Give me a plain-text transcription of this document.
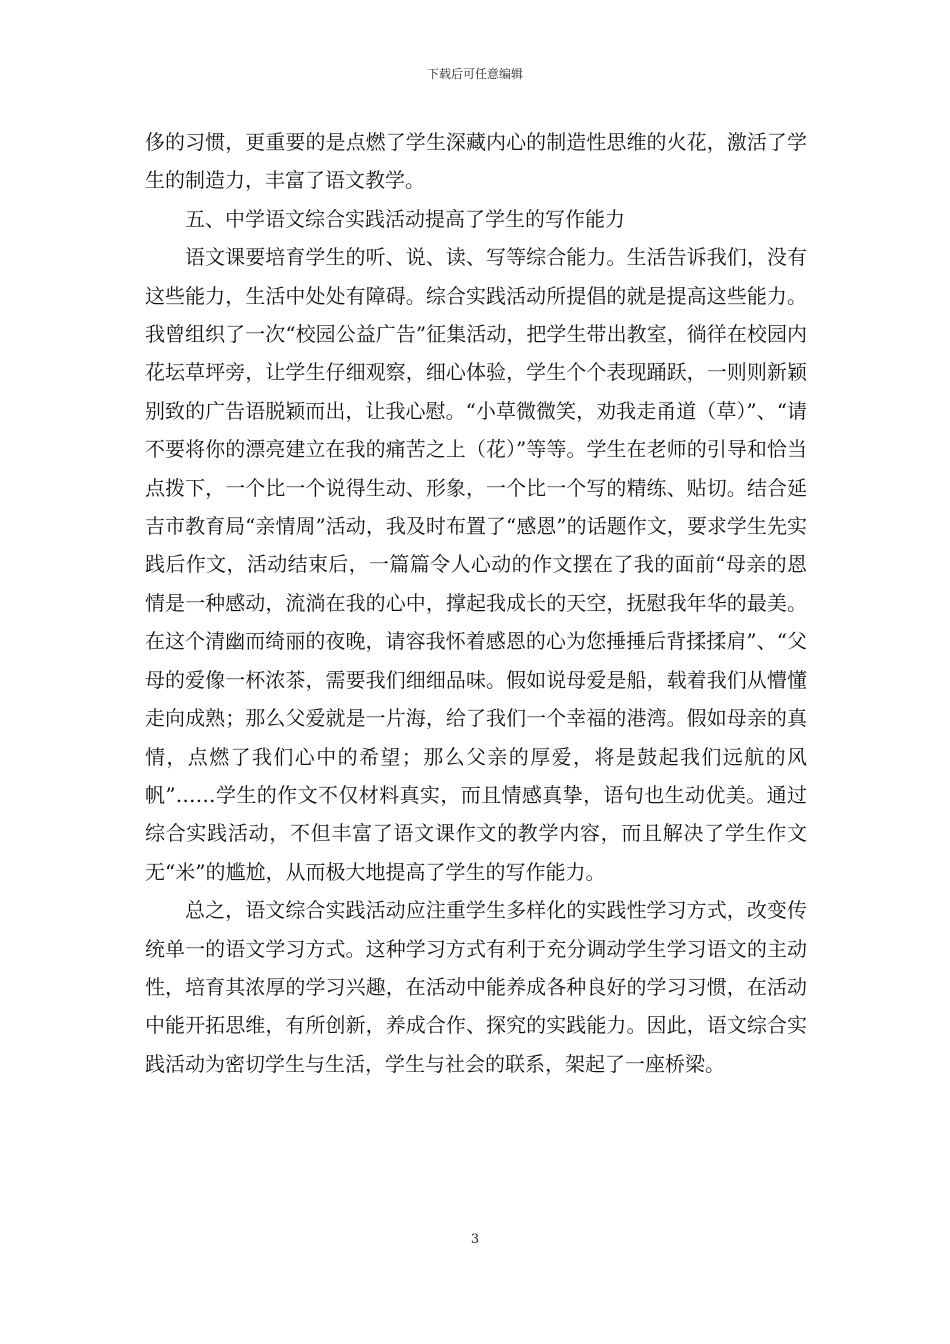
下载后可任意编辑

侈的习惯，更重要的是点燃了学生深藏内心的制造性思维的火花，激活了学生的制造力，丰富了语文教学。

五、中学语文综合实践活动提高了学生的写作能力

语文课要培育学生的听、说、读、写等综合能力。生活告诉我们，没有这些能力，生活中处处有障碍。综合实践活动所提倡的就是提高这些能力。我曾组织了一次“校园公益广告”征集活动，把学生带出教室，徜徉在校园内花坛草坪旁，让学生仔细观察，细心体验，学生个个表现踊跃，一则则新颖别致的广告语脱颖而出，让我心慰。“小草微微笑，劝我走甬道（草）”、“请不要将你的漂亮建立在我的痛苦之上（花）”等等。学生在老师的引导和恰当点拨下，一个比一个说得生动、形象，一个比一个写的精练、贴切。结合延吉市教育局“亲情周”活动，我及时布置了“感恩”的话题作文，要求学生先实践后作文，活动结束后，一篇篇令人心动的作文摆在了我的面前“母亲的恩情是一种感动，流淌在我的心中，撑起我成长的天空，抚慰我年华的最美。在这个清幽而绮丽的夜晚，请容我怀着感恩的心为您捶捶后背揉揉肩”、“父母的爱像一杯浓茶，需要我们细细品味。假如说母爱是船，载着我们从懵懂走向成熟；那么父爱就是一片海，给了我们一个幸福的港湾。假如母亲的真情，点燃了我们心中的希望；那么父亲的厚爱，将是鼓起我们远航的风帆”……学生的作文不仅材料真实，而且情感真挚，语句也生动优美。通过综合实践活动，不但丰富了语文课作文的教学内容，而且解决了学生作文无“米”的尴尬，从而极大地提高了学生的写作能力。

总之，语文综合实践活动应注重学生多样化的实践性学习方式，改变传统单一的语文学习方式。这种学习方式有利于充分调动学生学习语文的主动性，培育其浓厚的学习兴趣，在活动中能养成各种良好的学习习惯，在活动中能开拓思维，有所创新，养成合作、探究的实践能力。因此，语文综合实践活动为密切学生与生活，学生与社会的联系，架起了一座桥梁。

3
